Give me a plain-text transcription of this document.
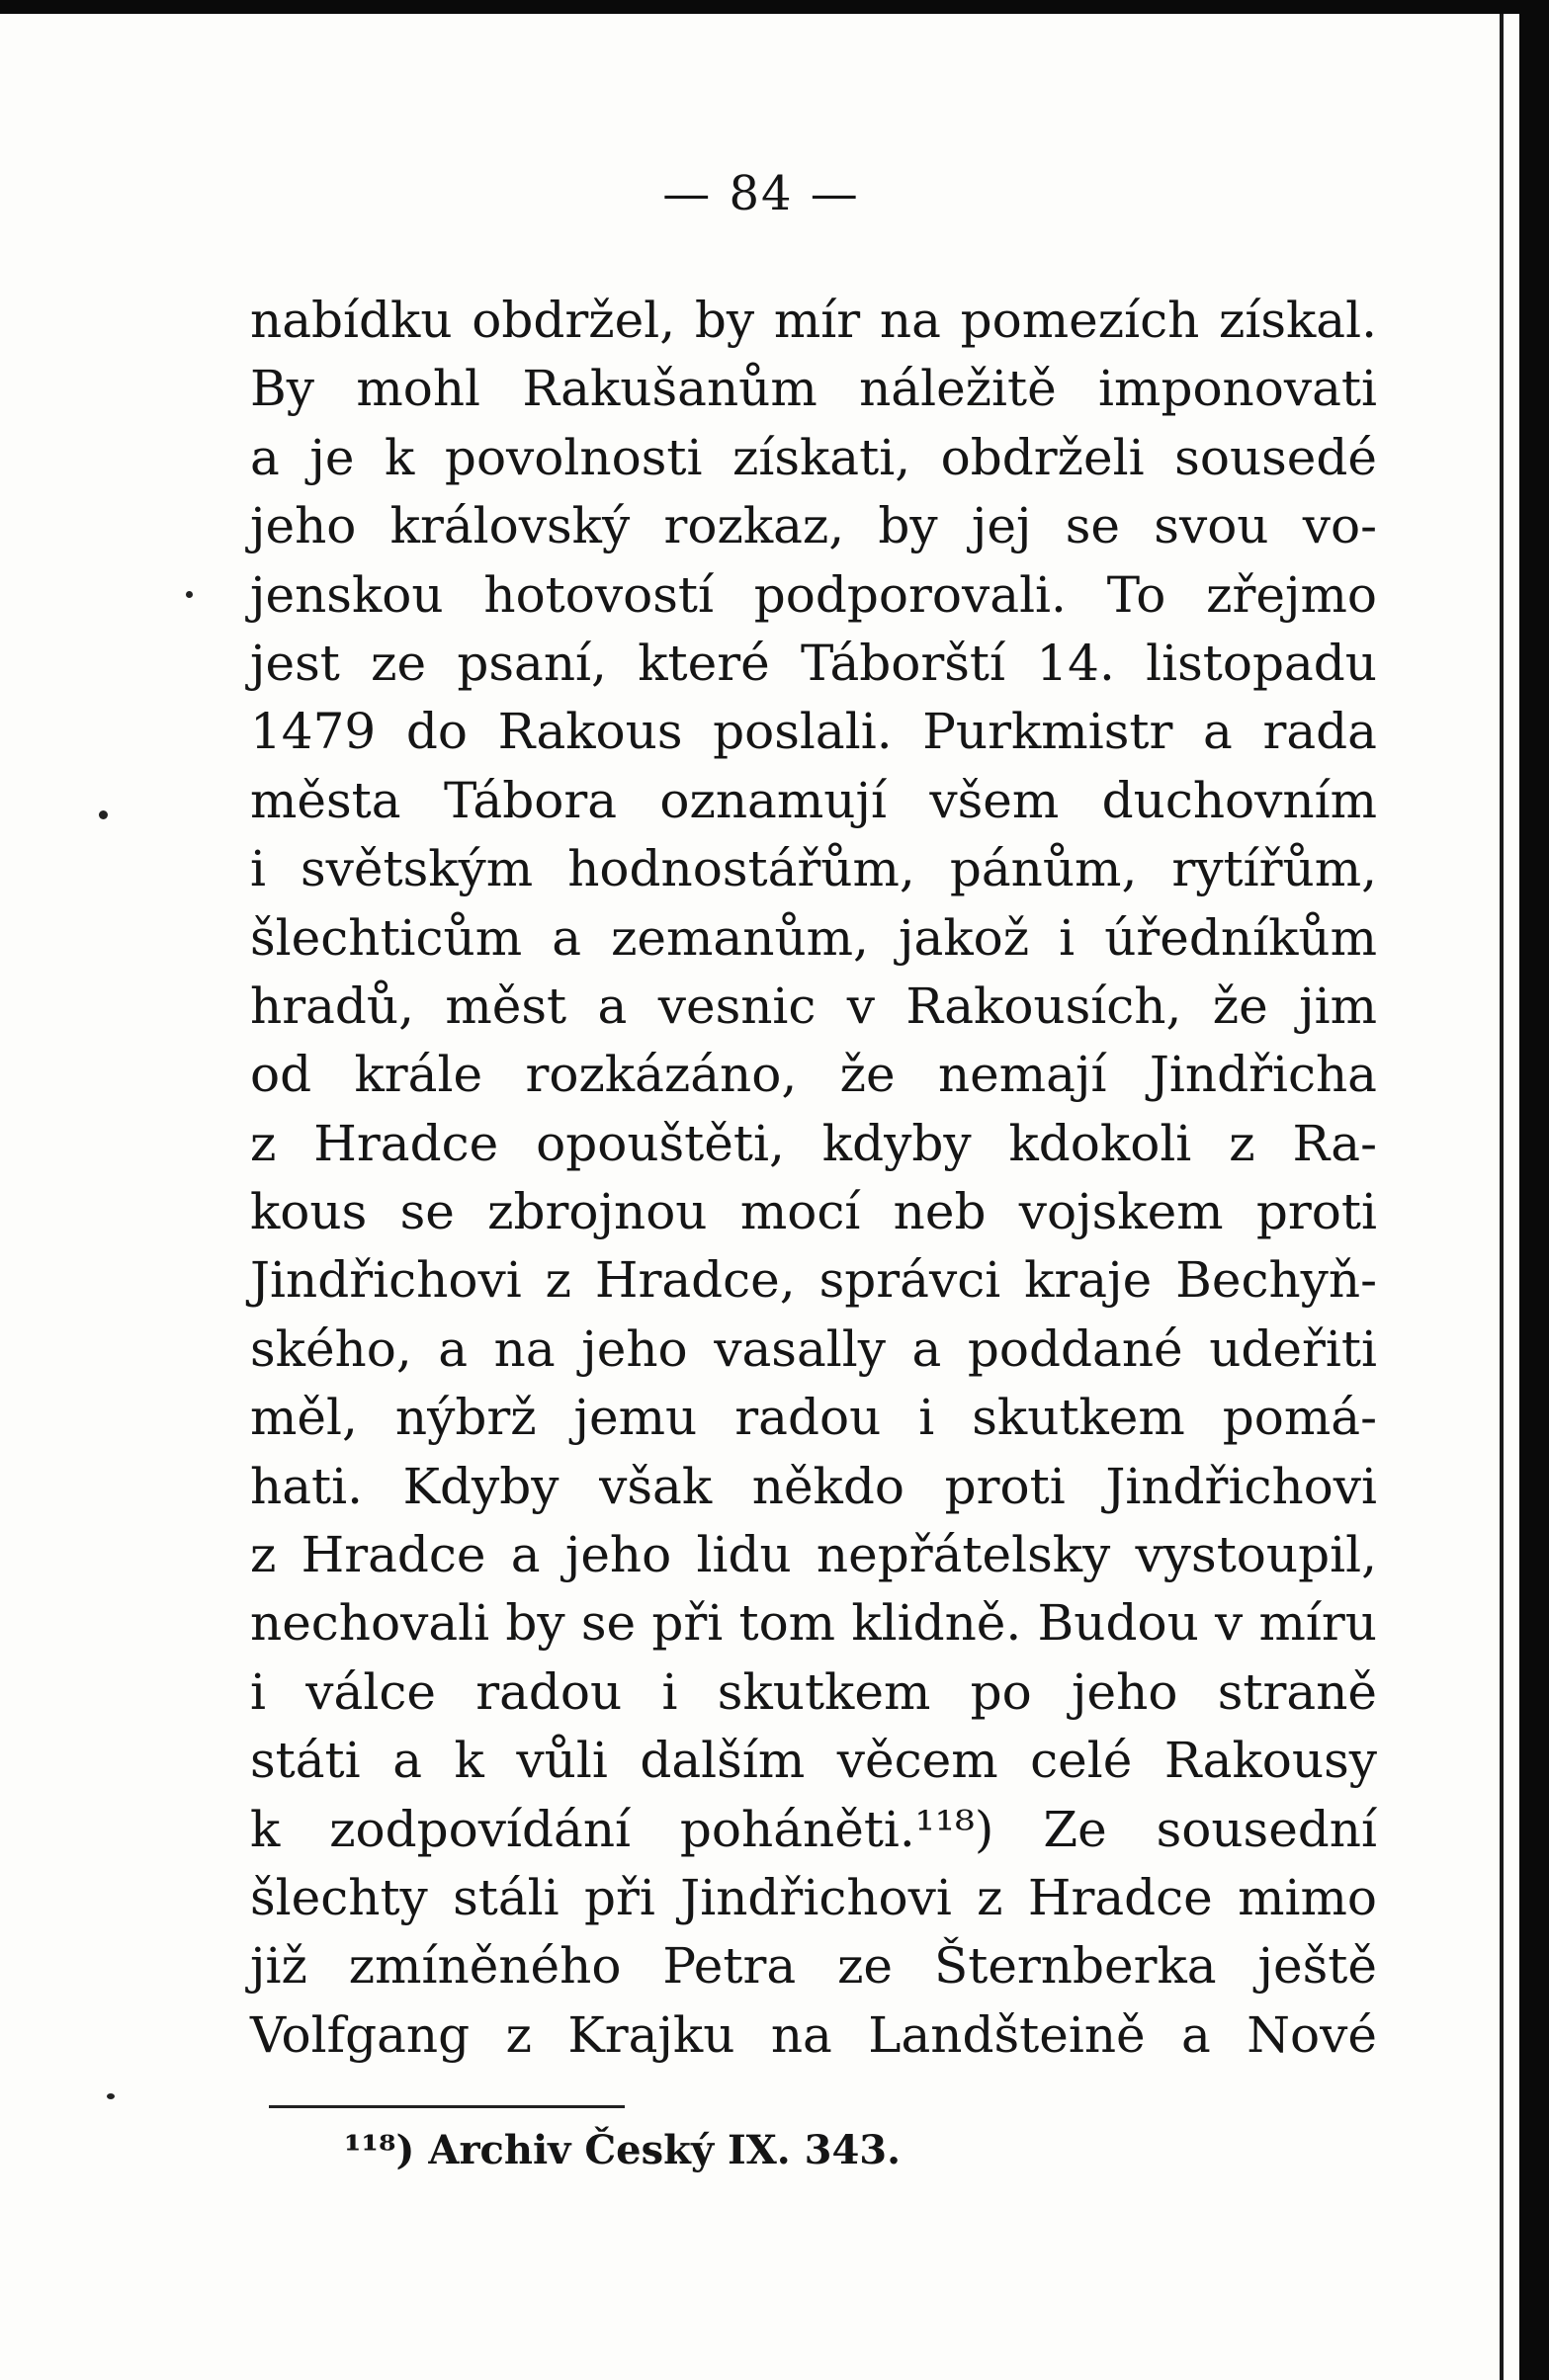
— 84 —
nabídku obdržel, by mír na pomezích získal.
By mohl Rakušanům náležitě imponovati
a je k povolnosti získati, obdrželi sousedé
jeho královský rozkaz, by jej se svou vo-
jenskou hotovostí podporovali. To zřejmo
jest ze psaní, které Táborští 14. listopadu
1479 do Rakous poslali. Purkmistr a rada
města Tábora oznamují všem duchovním
i světským hodnostářům, pánům, rytířům,
šlechticům a zemanům, jakož i úředníkům
hradů, měst a vesnic v Rakousích, že jim
od krále rozkázáno, že nemají Jindřicha
z Hradce opouštěti, kdyby kdokoli z Ra-
kous se zbrojnou mocí neb vojskem proti
Jindřichovi z Hradce, správci kraje Bechyň-
ského, a na jeho vasally a poddané udeřiti
měl, nýbrž jemu radou i skutkem pomá-
hati. Kdyby však někdo proti Jindřichovi
z Hradce a jeho lidu nepřátelsky vystoupil,
nechovali by se při tom klidně. Budou v míru
i válce radou i skutkem po jeho straně
státi a k vůli dalším věcem celé Rakousy
k zodpovídání poháněti.¹¹⁸) Ze sousední
šlechty stáli při Jindřichovi z Hradce mimo
již zmíněného Petra ze Šternberka ještě
Volfgang z Krajku na Landšteině a Nové
¹¹⁸) Archiv Český IX. 343.
